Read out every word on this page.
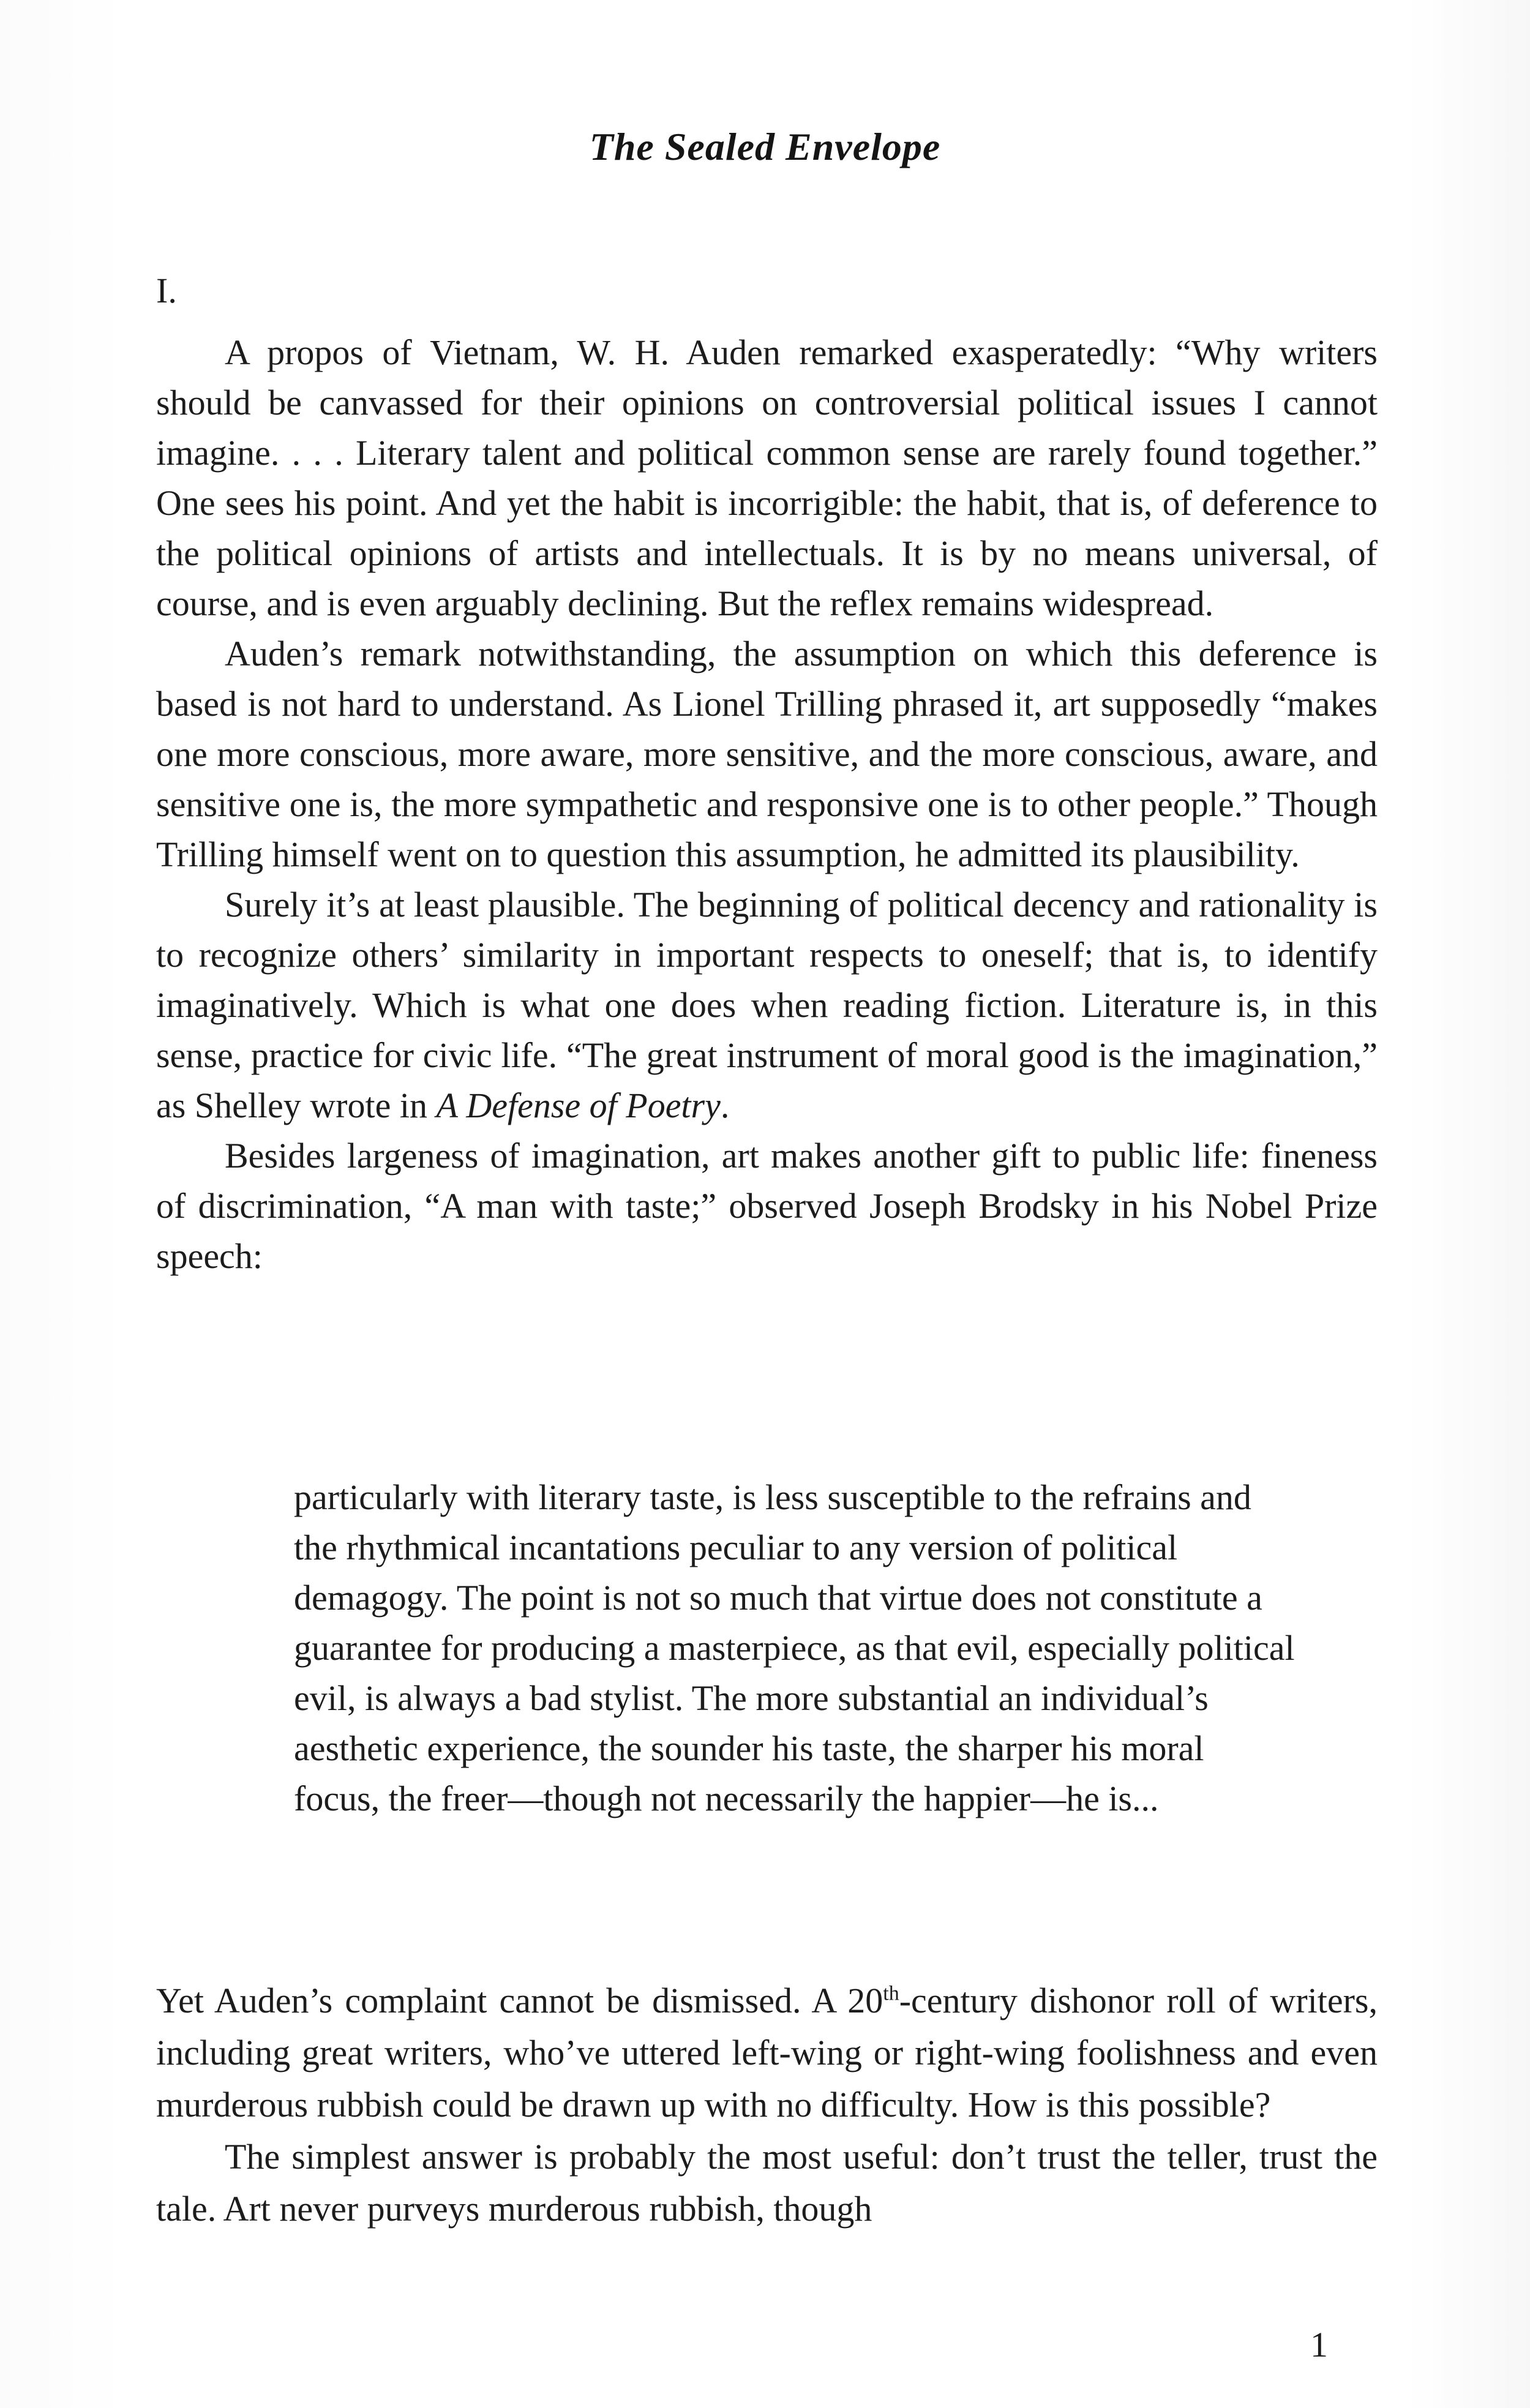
The Sealed Envelope
I.

A propos of Vietnam, W. H. Auden remarked exasperatedly: “Why writers should be canvassed for their opinions on controversial political issues I cannot imagine. . . . Literary talent and political common sense are rarely found together.” One sees his point. And yet the habit is incorrigible: the habit, that is, of deference to the political opinions of artists and intellectuals. It is by no means universal, of course, and is even arguably declining. But the reflex remains widespread.

Auden’s remark notwithstanding, the assumption on which this deference is based is not hard to understand. As Lionel Trilling phrased it, art supposedly “makes one more conscious, more aware, more sensitive, and the more conscious, aware, and sensitive one is, the more sympathetic and responsive one is to other people.” Though Trilling himself went on to question this assumption, he admitted its plausibility.

Surely it’s at least plausible. The beginning of political decency and rationality is to recognize others’ similarity in important respects to oneself; that is, to identify imaginatively. Which is what one does when reading fiction. Literature is, in this sense, practice for civic life. “The great instrument of moral good is the imagination,” as Shelley wrote in A Defense of Poetry.

Besides largeness of imagination, art makes another gift to public life: fineness of discrimination, “A man with taste;” observed Joseph Brodsky in his Nobel Prize speech:

particularly with literary taste, is less susceptible to the refrains and the rhythmical incantations peculiar to any version of political demagogy. The point is not so much that virtue does not constitute a guarantee for producing a masterpiece, as that evil, especially political evil, is always a bad stylist. The more substantial an individual’s aesthetic experience, the sounder his taste, the sharper his moral focus, the freer—though not necessarily the happier—he is...

Yet Auden’s complaint cannot be dismissed. A 20th-century dishonor roll of writers, including great writers, who’ve uttered left-wing or right-wing foolishness and even murderous rubbish could be drawn up with no difficulty. How is this possible?

The simplest answer is probably the most useful: don’t trust the teller, trust the tale. Art never purveys murderous rubbish, though

1
